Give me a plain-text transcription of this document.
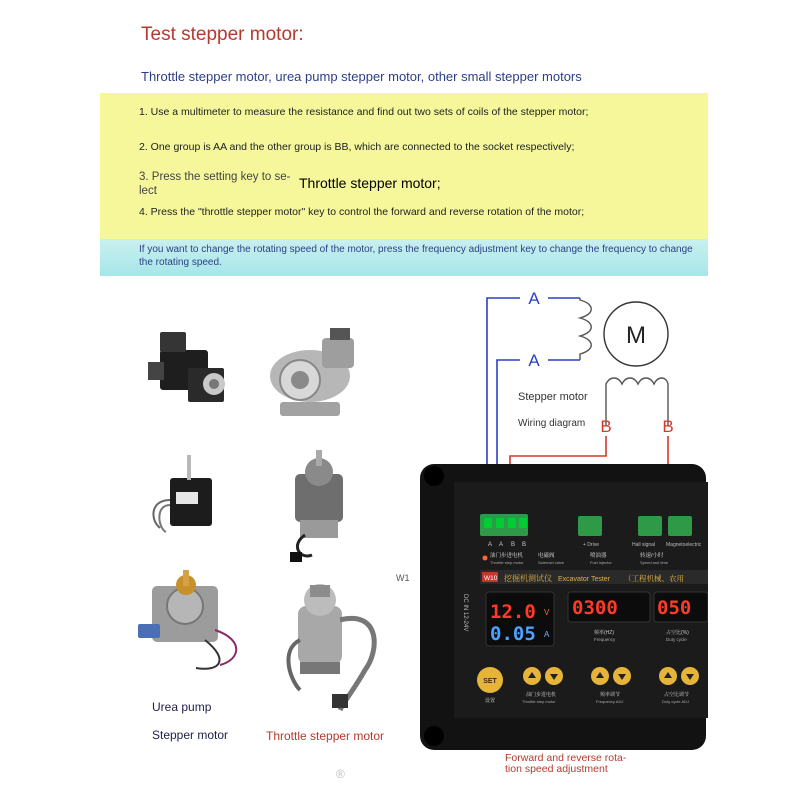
Test stepper motor:
Throttle stepper motor, urea pump stepper motor, other small stepper motors
1. Use a multimeter to measure the resistance and find out two sets of coils of the stepper motor;
2. One group is AA and the other group is BB, which are connected to the socket respectively;
3. Press the setting key to se-
lect	Throttle stepper motor;
4. Press the "throttle stepper motor" key to control the forward and reverse rotation of the motor;
If you want to change the rotating speed of the motor, press the frequency adjustment key to change the frequency to change the rotating speed.
A
A
B	B
M
®
Stepper motor
Wiring diagram
W1
A A B B	+ Drive	Hall signal Magnetoelectric
油门步进电机
Throttle step motor
电磁阀
Solenoid valve
喷油器
Fuel injector
转速/小时
Speed and time
W10 挖掘机测试仪 Excavator Tester （工程机械、农用
DC IN 12-24V 12.0 V
0.05 A
0300
频率(HZ)
Frequency
050
占空比(%)
Duty cycle
SET
设置
油门步进电机
Throttle step motor
频率调节
Frequency ADJ
占空比调节
Duty cycle ADJ
Urea pump
Stepper motor	Throttle stepper motor
Forward and reverse rota-
tion speed adjustment
